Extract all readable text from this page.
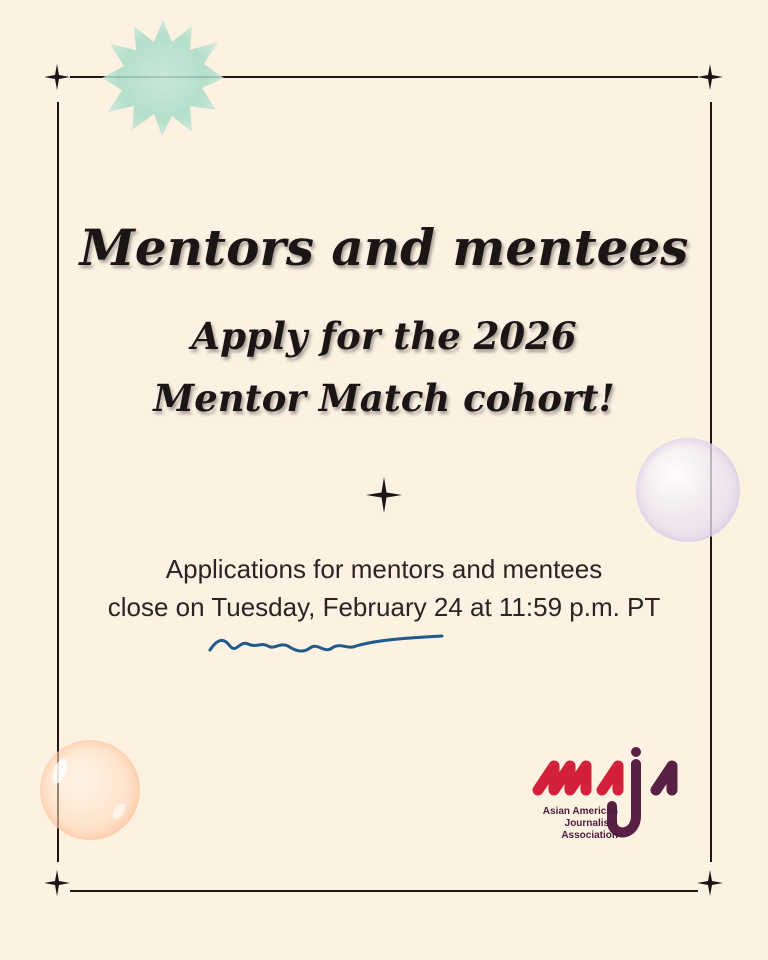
Mentors and mentees
Apply for the 2026
Mentor Match cohort!

Applications for mentors and mentees

close on Tuesday, February 24 at 11:59 p.m. PT

Asian American
Journalists
Association
